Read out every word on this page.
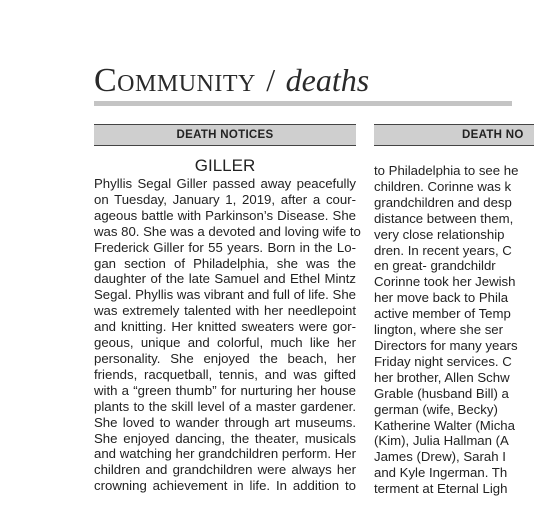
Community / deaths
DEATH NOTICES
GILLER
Phyllis Segal Giller passed away peacefully
on Tuesday, January 1, 2019, after a cour-
ageous battle with Parkinson’s Disease. She
was 80. She was a devoted and loving wife to
Frederick Giller for 55 years. Born in the Lo-
gan section of Philadelphia, she was the
daughter of the late Samuel and Ethel Mintz
Segal. Phyllis was vibrant and full of life. She
was extremely talented with her needlepoint
and knitting. Her knitted sweaters were gor-
geous, unique and colorful, much like her
personality. She enjoyed the beach, her
friends, racquetball, tennis, and was gifted
with a “green thumb” for nurturing her house
plants to the skill level of a master gardener.
She loved to wander through art museums.
She enjoyed dancing, the theater, musicals
and watching her grandchildren perform. Her
children and grandchildren were always her
crowning achievement in life. In addition to
DEATH NO
to Philadelphia to see he
children. Corinne was k
grandchildren and desp
distance between them,
very close relationship
dren. In recent years, C
en great- grandchildr
Corinne took her Jewish
her move back to Phila
active member of Temp
lington, where she ser
Directors for many years
Friday night services. C
her brother, Allen Schw
Grable (husband Bill) a
german (wife, Becky)
Katherine Walter (Micha
(Kim), Julia Hallman (A
James (Drew), Sarah I
and Kyle Ingerman. Th
terment at Eternal Ligh
